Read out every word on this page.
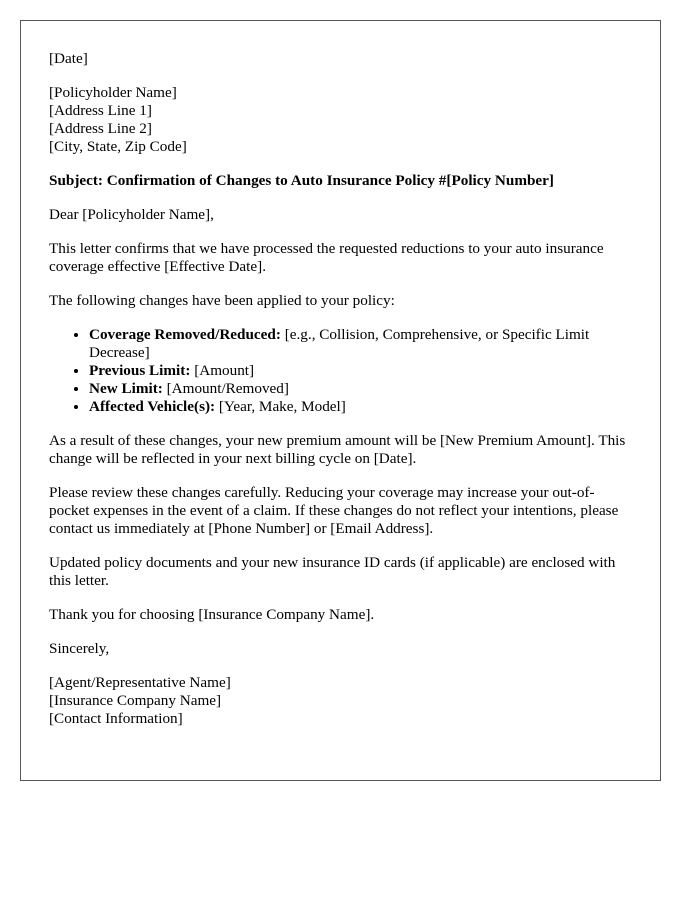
[Date]

[Policyholder Name]
[Address Line 1]
[Address Line 2]
[City, State, Zip Code]

Subject: Confirmation of Changes to Auto Insurance Policy #[Policy Number]

Dear [Policyholder Name],

This letter confirms that we have processed the requested reductions to your auto insurance coverage effective [Effective Date].

The following changes have been applied to your policy:

• Coverage Removed/Reduced: [e.g., Collision, Comprehensive, or Specific Limit Decrease]
• Previous Limit: [Amount]
• New Limit: [Amount/Removed]
• Affected Vehicle(s): [Year, Make, Model]

As a result of these changes, your new premium amount will be [New Premium Amount]. This change will be reflected in your next billing cycle on [Date].

Please review these changes carefully. Reducing your coverage may increase your out-of-pocket expenses in the event of a claim. If these changes do not reflect your intentions, please contact us immediately at [Phone Number] or [Email Address].

Updated policy documents and your new insurance ID cards (if applicable) are enclosed with this letter.

Thank you for choosing [Insurance Company Name].

Sincerely,

[Agent/Representative Name]
[Insurance Company Name]
[Contact Information]
